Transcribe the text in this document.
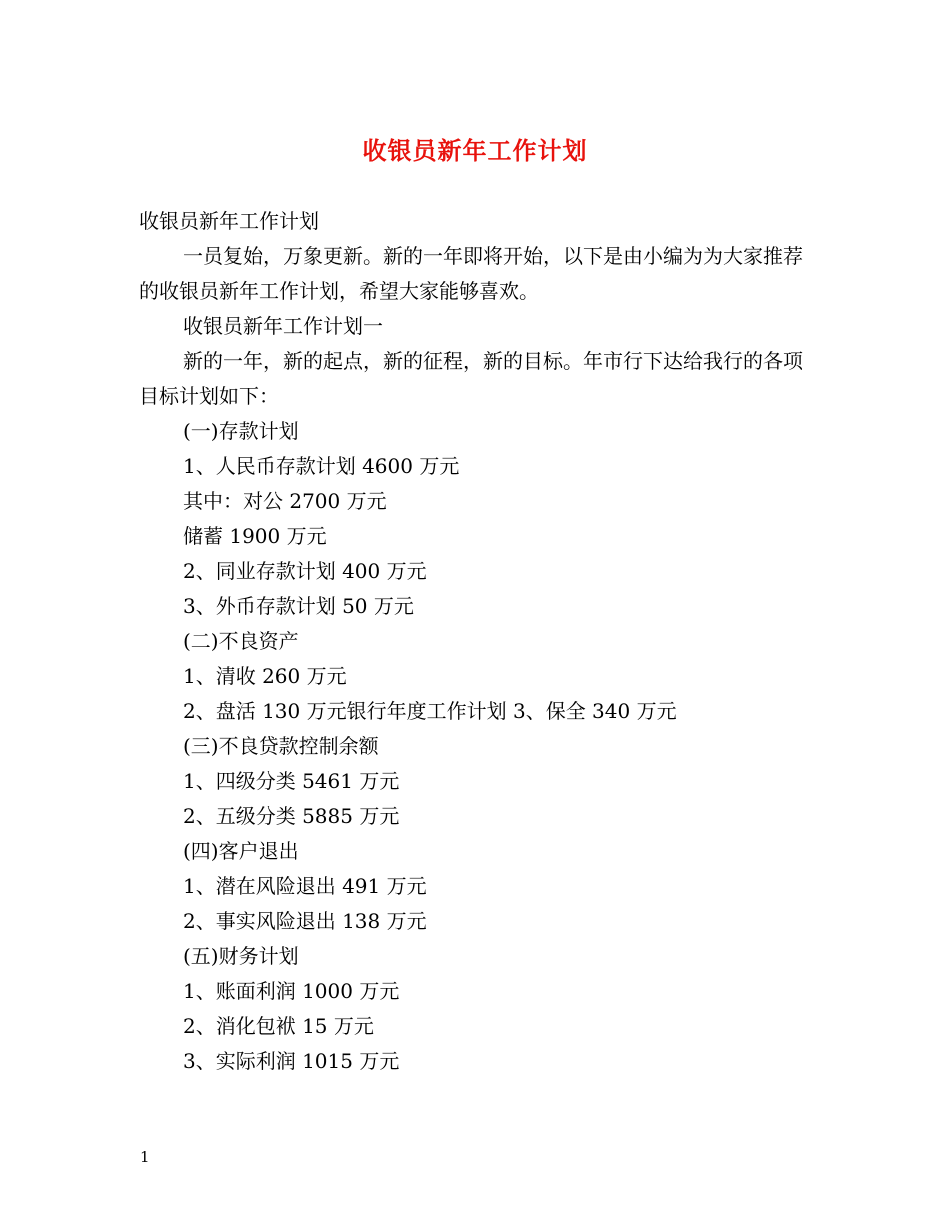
收银员新年工作计划

收银员新年工作计划

一员复始，万象更新。新的一年即将开始，以下是由小编为为大家推荐的收银员新年工作计划，希望大家能够喜欢。

收银员新年工作计划一

新的一年，新的起点，新的征程，新的目标。年市行下达给我行的各项目标计划如下：

(一)存款计划

1、人民币存款计划 4600 万元

其中：对公 2700 万元

储蓄 1900 万元

2、同业存款计划 400 万元

3、外币存款计划 50 万元

(二)不良资产

1、清收 260 万元

2、盘活 130 万元银行年度工作计划 3、保全 340 万元

(三)不良贷款控制余额

1、四级分类 5461 万元

2、五级分类 5885 万元

(四)客户退出

1、潜在风险退出 491 万元

2、事实风险退出 138 万元

(五)财务计划

1、账面利润 1000 万元

2、消化包袱 15 万元

3、实际利润 1015 万元

1
